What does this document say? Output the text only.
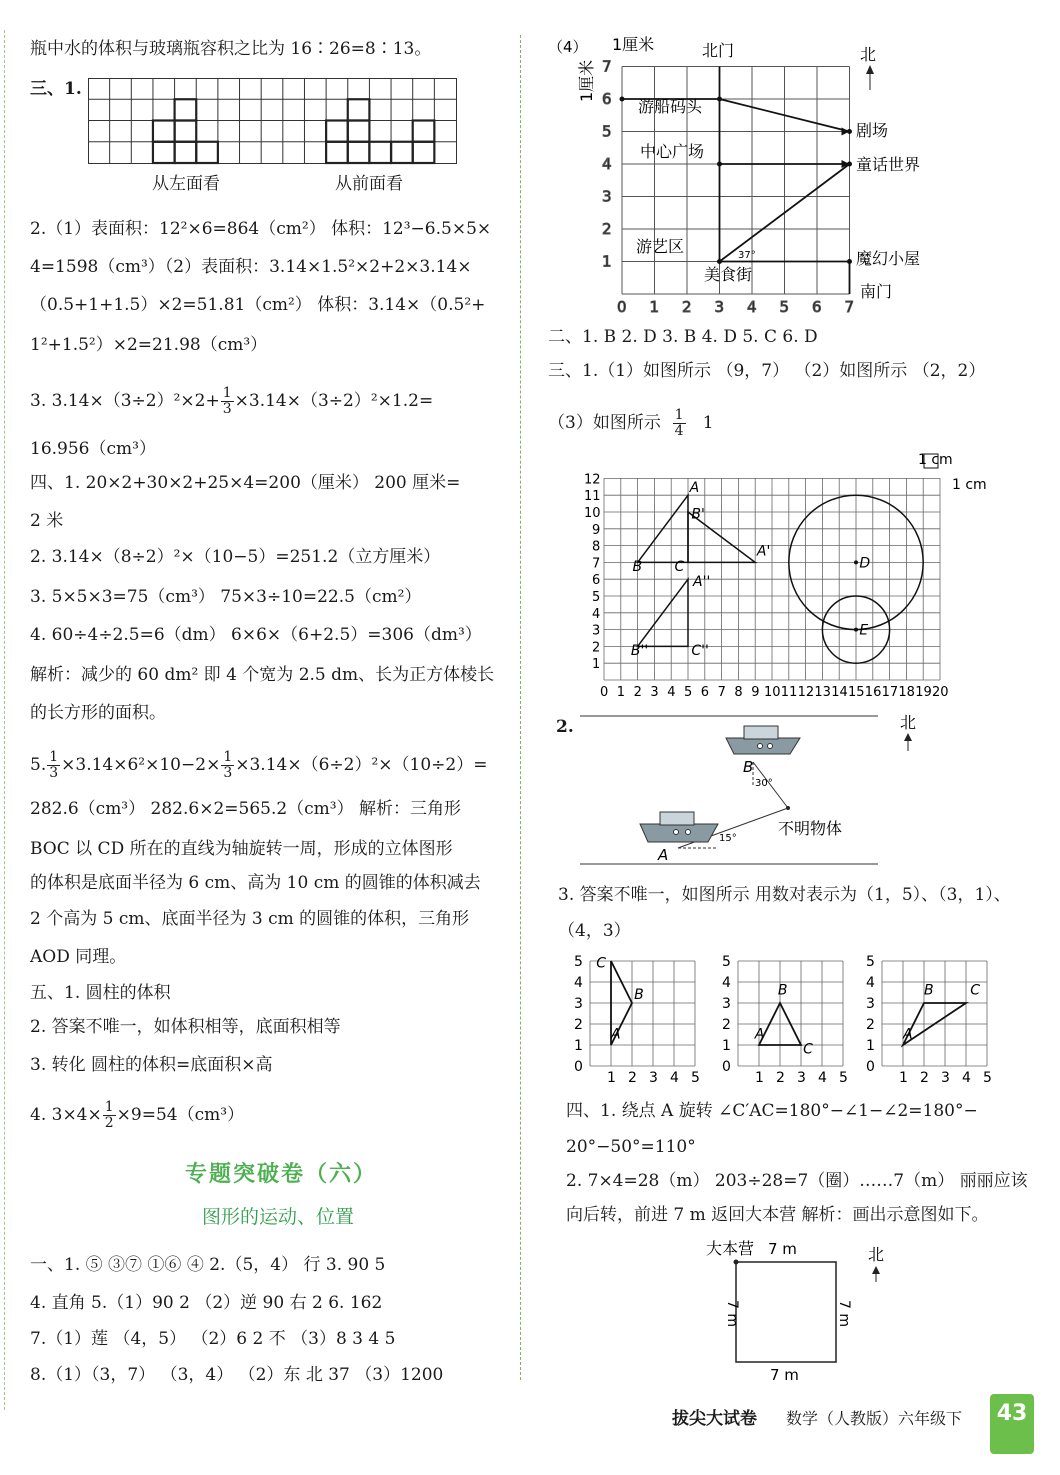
瓶中水的体积与玻璃瓶容积之比为 16∶26=8∶13。
三、1.
从左面看	从前面看
2.（1）表面积：12²×6=864（cm²） 体积：12³−6.5×5×
4=1598（cm³）（2）表面积：3.14×1.5²×2+2×3.14×
（0.5+1+1.5）×2=51.81（cm²） 体积：3.14×（0.5²+
1²+1.5²）×2=21.98（cm³）
3. $3.14\times(3\div 2)^2\times 2+ \frac{1}{3} \times 3.14\times(3\div 2)^2\times 1.2=$
16.956（cm³）
四、1. 20×2+30×2+25×4=200（厘米） 200 厘米=
2 米
2. 3.14×（8÷2）²×（10−5）=251.2（立方厘米）
3. 5×5×3=75（cm³） 75×3÷10=22.5（cm²）
4. 60÷4÷2.5=6（dm） 6×6×（6+2.5）=306（dm³）
解析：减少的 60 dm² 即 4 个宽为 2.5 dm、长为正方体棱长
的长方形的面积。
5. $\frac{1}{3} \times 3.14\times 6^2\times 10-2\times \frac{1}{3} \times 3.14\times(6\div 2)^2\times(10\div 2)=$
282.6（cm³） 282.6×2=565.2（cm³） 解析：三角形
BOC 以 CD 所在的直线为轴旋转一周，形成的立体图形
的体积是底面半径为 6 cm、高为 10 cm 的圆锥的体积减去
2 个高为 5 cm、底面半径为 3 cm 的圆锥的体积，三角形
AOD 同理。
五、1. 圆柱的体积
2. 答案不唯一，如体积相等，底面积相等
3. 转化 圆柱的体积=底面积×高
4. $3\times 4\times \frac{1}{2} \times 9=54(cm^3)$
专题突破卷（六）
图形的运动、位置
一、1. ⑤ ③⑦ ①⑥ ④ 2.（5，4） 行 3. 90 5
4. 直角 5.（1）90 2 （2）逆 90 右 2 6. 162
7.（1）莲 （4，5） （2）6 2 不 （3）8 3 4 5
8.（1）（3，7） （3，4） （2）东 北 37 （3）1200
0 1 2 3 4 5 6 7
1
2
3
4
5
6
7
（4） 1厘米
1厘米
北门	北
游船码头
剧场
中心广场
童话世界
游艺区
魔幻小屋
美食街
南门
37°
二、1. B 2. D 3. B 4. D 5. C 6. D
三、1.（1）如图所示 （9，7） （2）如图所示 （2，2）
（3）如图所示 $\frac{1}{4} 1$
0 1 2 3 4 5 6 7 8 9 10 11 12 13 14 15 16 17 18 19 20
1
2
3
4
5
6
7
8
9
10
11
12	A
B'
A'
B C
A''
B''	C''
D
E
1 cm
1 cm
2.
B
30°
不明物体
15°
A
北
3. 答案不唯一，如图所示 用数对表示为（1，5）、（3，1）、
（4，3）
0
1
2
3
4
5
1 2 3 4 5
A
B
C
0
1
2
3
4
5
1 2 3 4 5
A
B
C
0
1
2
3
4
5
1 2 3 4 5
A
B	C
四、1. 绕点 A 旋转 ∠C′AC=180°−∠1−∠2=180°−
20°−50°=110°
2. 7×4=28（m） 203÷28=7（圈）……7（m） 丽丽应该
向后转，前进 7 m 返回大本营 解析：画出示意图如下。
大本营 7 m
7 m	7 m
7 m
北
拔尖大试卷 数学（人教版）六年级下	43
